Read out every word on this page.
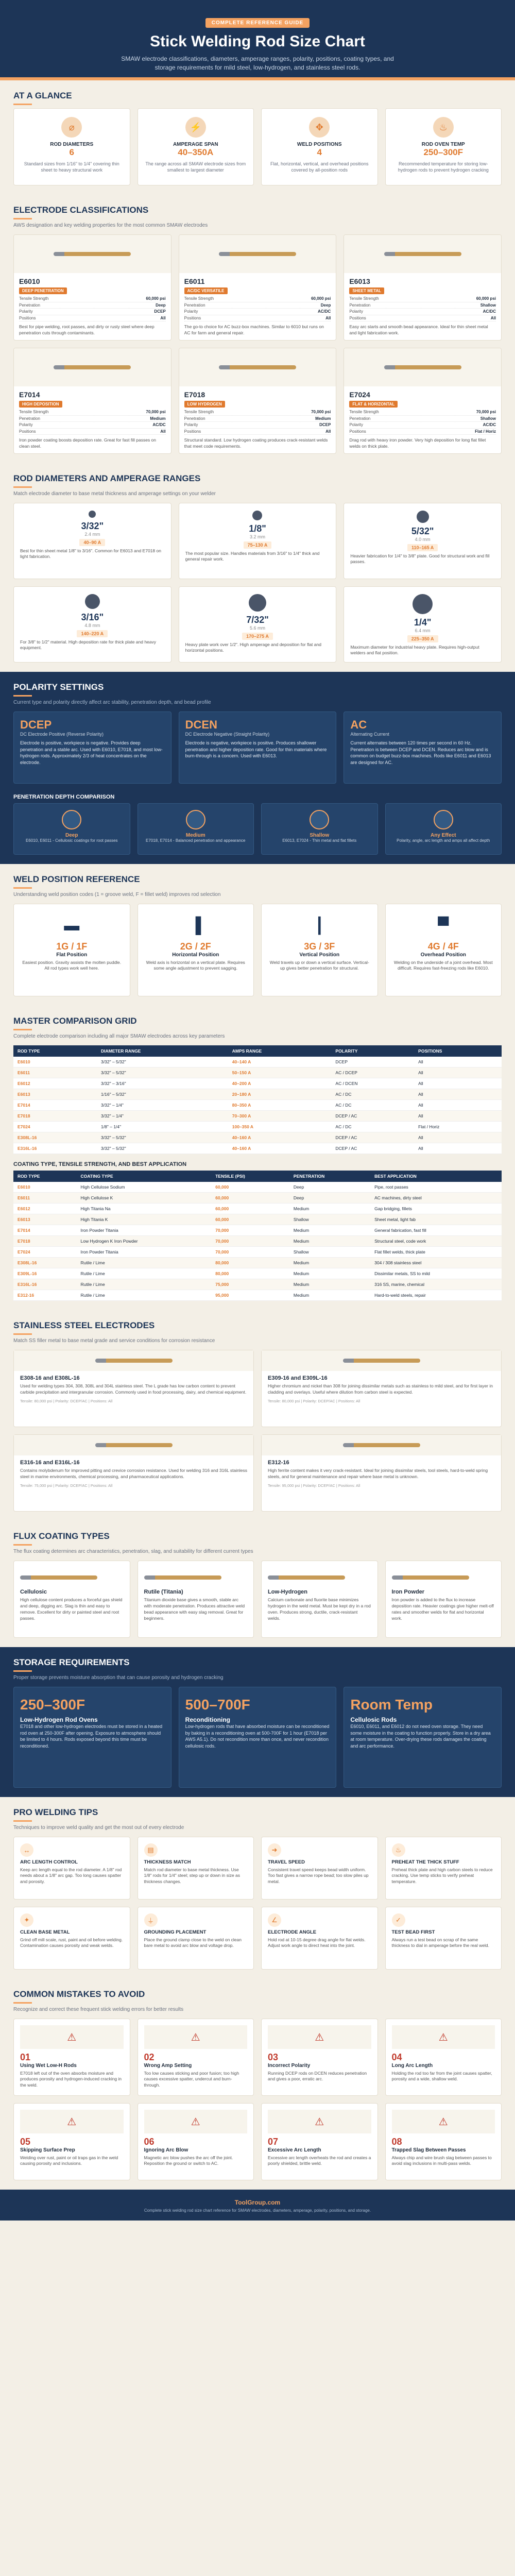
COMPLETE REFERENCE GUIDE
Stick Welding Rod Size Chart

SMAW electrode classifications, diameters, amperage ranges, polarity, positions, coating types, and storage requirements for mild steel, low-hydrogen, and stainless steel rods.

AT A GLANCE
⌀
ROD DIAMETERS
6
Standard sizes from 1/16" to 1/4" covering thin sheet to heavy structural work
⚡
AMPERAGE SPAN
40–350A
The range across all SMAW electrode sizes from smallest to largest diameter
✥
WELD POSITIONS
4
Flat, horizontal, vertical, and overhead positions covered by all-position rods
♨
ROD OVEN TEMP
250–300F
Recommended temperature for storing low-hydrogen rods to prevent hydrogen cracking
ELECTRODE CLASSIFICATIONS
AWS designation and key welding properties for the most common SMAW electrodes
E6010
DEEP PENETRATION
Tensile Strength	60,000 psi
Penetration	Deep
Polarity	DCEP
Positions	All
Best for pipe welding, root passes, and dirty or rusty steel where deep penetration cuts through contaminants.
E6011
AC/DC VERSATILE
Tensile Strength	60,000 psi
Penetration	Deep
Polarity	AC/DC
Positions	All
The go-to choice for AC buzz-box machines. Similar to 6010 but runs on AC for farm and general repair.
E6013
SHEET METAL
Tensile Strength	60,000 psi
Penetration	Shallow
Polarity	AC/DC
Positions	All
Easy arc starts and smooth bead appearance. Ideal for thin sheet metal and light fabrication work.
E7014
HIGH DEPOSITION
Tensile Strength	70,000 psi
Penetration	Medium
Polarity	AC/DC
Positions	All
Iron powder coating boosts deposition rate. Great for fast fill passes on clean steel.
E7018
LOW HYDROGEN
Tensile Strength	70,000 psi
Penetration	Medium
Polarity	DCEP
Positions	All
Structural standard. Low hydrogen coating produces crack-resistant welds that meet code requirements.
E7024
FLAT & HORIZONTAL
Tensile Strength	70,000 psi
Penetration	Shallow
Polarity	AC/DC
Positions	Flat / Horiz
Drag rod with heavy iron powder. Very high deposition for long flat fillet welds on thick plate.
ROD DIAMETERS AND AMPERAGE RANGES
Match electrode diameter to base metal thickness and amperage settings on your welder
3/32"
2.4 mm
40–90 A
Best for thin sheet metal 1/8" to 3/16". Common for E6013 and E7018 on light fabrication.
1/8"
3.2 mm
75–130 A
The most popular size. Handles materials from 3/16" to 1/4" thick and general repair work.
5/32"
4.0 mm
110–165 A
Heavier fabrication for 1/4" to 3/8" plate. Good for structural work and fill passes.
3/16"
4.8 mm
140–220 A
For 3/8" to 1/2" material. High deposition rate for thick plate and heavy equipment.
7/32"
5.6 mm
170–275 A
Heavy plate work over 1/2". High amperage and deposition for flat and horizontal positions.
1/4"
6.4 mm
225–350 A
Maximum diameter for industrial heavy plate. Requires high-output welders and flat position.
POLARITY SETTINGS
Current type and polarity directly affect arc stability, penetration depth, and bead profile
DCEP
DC Electrode Positive (Reverse Polarity)
Electrode is positive, workpiece is negative. Provides deep penetration and a stable arc. Used with E6010, E7018, and most low-hydrogen rods. Approximately 2/3 of heat concentrates on the electrode.
DCEN
DC Electrode Negative (Straight Polarity)
Electrode is negative, workpiece is positive. Produces shallower penetration and higher deposition rate. Good for thin materials where burn-through is a concern. Used with E6013.
AC
Alternating Current
Current alternates between 120 times per second in 60 Hz. Penetration is between DCEP and DCEN. Reduces arc blow and is common on budget buzz-box machines. Rods like E6011 and E6013 are designed for AC.
PENETRATION DEPTH COMPARISON
Deep
E6010, E6011 - Cellulosic coatings for root passes
Medium
E7018, E7014 - Balanced penetration and appearance
Shallow
E6013, E7024 - Thin metal and flat fillets
Any Effect
Polarity, angle, arc length and amps all affect depth
WELD POSITION REFERENCE
Understanding weld position codes (1 = groove weld, F = fillet weld) improves rod selection
▬
1G / 1F
Flat Position
Easiest position. Gravity assists the molten puddle. All rod types work well here.
▐
2G / 2F
Horizontal Position
Weld axis is horizontal on a vertical plate. Requires some angle adjustment to prevent sagging.
┃
3G / 3F
Vertical Position
Weld travels up or down a vertical surface. Vertical-up gives better penetration for structural.
▀
4G / 4F
Overhead Position
Welding on the underside of a joint overhead. Most difficult. Requires fast-freezing rods like E6010.
MASTER COMPARISON GRID
Complete electrode comparison including all major SMAW electrodes across key parameters
ROD TYPE	DIAMETER RANGE	AMPS RANGE	POLARITY	POSITIONS
E6010	3/32" – 5/32"	40–140 A	DCEP	All
E6011	3/32" – 5/32"	50–150 A	AC / DCEP	All
E6012	3/32" – 3/16"	40–200 A	AC / DCEN	All
E6013	1/16" – 5/32"	20–180 A	AC / DC	All
E7014	3/32" – 1/4"	80–350 A	AC / DC	All
E7018	3/32" – 1/4"	70–300 A	DCEP / AC	All
E7024	1/8" – 1/4"	100–350 A	AC / DC	Flat / Horiz
E308L-16	3/32" – 5/32"	40–160 A	DCEP / AC	All
E316L-16	3/32" – 5/32"	40–160 A	DCEP / AC	All
COATING TYPE, TENSILE STRENGTH, AND BEST APPLICATION
ROD TYPE	COATING TYPE	TENSILE (PSI)	PENETRATION	BEST APPLICATION
E6010	High Cellulose Sodium	60,000	Deep	Pipe, root passes
E6011	High Cellulose K	60,000	Deep	AC machines, dirty steel
E6012	High Titania Na	60,000	Medium	Gap bridging, fillets
E6013	High Titania K	60,000	Shallow	Sheet metal, light fab
E7014	Iron Powder Titania	70,000	Medium	General fabrication, fast fill
E7018	Low Hydrogen K Iron Powder	70,000	Medium	Structural steel, code work
E7024	Iron Powder Titania	70,000	Shallow	Flat fillet welds, thick plate
E308L-16	Rutile / Lime	80,000	Medium	304 / 308 stainless steel
E309L-16	Rutile / Lime	80,000	Medium	Dissimilar metals, SS to mild
E316L-16	Rutile / Lime	75,000	Medium	316 SS, marine, chemical
E312-16	Rutile / Lime	95,000	Medium	Hard-to-weld steels, repair
STAINLESS STEEL ELECTRODES
Match SS filler metal to base metal grade and service conditions for corrosion resistance
E308-16 and E308L-16
Used for welding types 304, 308, 308L and 304L stainless steel. The L grade has low carbon content to prevent carbide precipitation and intergranular corrosion. Commonly used in food processing, dairy, and chemical equipment.
Tensile: 80,000 psi | Polarity: DCEP/AC | Positions: All
E309-16 and E309L-16
Higher chromium and nickel than 308 for joining dissimilar metals such as stainless to mild steel, and for first layer in cladding and overlays. Useful where dilution from carbon steel is expected.
Tensile: 80,000 psi | Polarity: DCEP/AC | Positions: All
E316-16 and E316L-16
Contains molybdenum for improved pitting and crevice corrosion resistance. Used for welding 316 and 316L stainless steel in marine environments, chemical processing, and pharmaceutical applications.
Tensile: 75,000 psi | Polarity: DCEP/AC | Positions: All
E312-16
High ferrite content makes it very crack-resistant. Ideal for joining dissimilar steels, tool steels, hard-to-weld spring steels, and for general maintenance and repair where base metal is unknown.
Tensile: 95,000 psi | Polarity: DCEP/AC | Positions: All
FLUX COATING TYPES
The flux coating determines arc characteristics, penetration, slag, and suitability for different current types
Cellulosic
High cellulose content produces a forceful gas shield and deep, digging arc. Slag is thin and easy to remove. Excellent for dirty or painted steel and root passes.
Rutile (Titania)
Titanium dioxide base gives a smooth, stable arc with moderate penetration. Produces attractive weld bead appearance with easy slag removal. Great for beginners.
Low-Hydrogen
Calcium carbonate and fluorite base minimizes hydrogen in the weld metal. Must be kept dry in a rod oven. Produces strong, ductile, crack-resistant welds.
Iron Powder
Iron powder is added to the flux to increase deposition rate. Heavier coatings give higher melt-off rates and smoother welds for flat and horizontal work.
STORAGE REQUIREMENTS
Proper storage prevents moisture absorption that can cause porosity and hydrogen cracking
250–300F
Low-Hydrogen Rod Ovens
E7018 and other low-hydrogen electrodes must be stored in a heated rod oven at 250-300F after opening. Exposure to atmosphere should be limited to 4 hours. Rods exposed beyond this time must be reconditioned.
500–700F
Reconditioning
Low-hydrogen rods that have absorbed moisture can be reconditioned by baking in a reconditioning oven at 500-700F for 1 hour (E7018 per AWS A5.1). Do not recondition more than once, and never recondition cellulosic rods.
Room Temp
Cellulosic Rods
E6010, E6011, and E6012 do not need oven storage. They need some moisture in the coating to function properly. Store in a dry area at room temperature. Over-drying these rods damages the coating and arc performance.
PRO WELDING TIPS
Techniques to improve weld quality and get the most out of every electrode
↔
ARC LENGTH CONTROL
Keep arc length equal to the rod diameter. A 1/8" rod needs about a 1/8" arc gap. Too long causes spatter and porosity.
▤
THICKNESS MATCH
Match rod diameter to base metal thickness. Use 1/8" rods for 1/4" steel; step up or down in size as thickness changes.
➜
TRAVEL SPEED
Consistent travel speed keeps bead width uniform. Too fast gives a narrow rope bead; too slow piles up metal.
♨
PREHEAT THE THICK STUFF
Preheat thick plate and high carbon steels to reduce cracking. Use temp sticks to verify preheat temperature.
✦
CLEAN BASE METAL
Grind off mill scale, rust, paint and oil before welding. Contamination causes porosity and weak welds.
⏚
GROUNDING PLACEMENT
Place the ground clamp close to the weld on clean bare metal to avoid arc blow and voltage drop.
∠
ELECTRODE ANGLE
Hold rod at 10-15 degree drag angle for flat welds. Adjust work angle to direct heat into the joint.
✓
TEST BEAD FIRST
Always run a test bead on scrap of the same thickness to dial in amperage before the real weld.
COMMON MISTAKES TO AVOID
Recognize and correct these frequent stick welding errors for better results
⚠
01
Using Wet Low-H Rods
E7018 left out of the oven absorbs moisture and produces porosity and hydrogen-induced cracking in the weld.
⚠
02
Wrong Amp Setting
Too low causes sticking and poor fusion; too high causes excessive spatter, undercut and burn-through.
⚠
03
Incorrect Polarity
Running DCEP rods on DCEN reduces penetration and gives a poor, erratic arc.
⚠
04
Long Arc Length
Holding the rod too far from the joint causes spatter, porosity and a wide, shallow weld.
⚠
05
Skipping Surface Prep
Welding over rust, paint or oil traps gas in the weld causing porosity and inclusions.
⚠
06
Ignoring Arc Blow
Magnetic arc blow pushes the arc off the joint. Reposition the ground or switch to AC.
⚠
07
Excessive Arc Length
Excessive arc length overheats the rod and creates a poorly shielded, brittle weld.
⚠
08
Trapped Slag Between Passes
Always chip and wire brush slag between passes to avoid slag inclusions in multi-pass welds.
ToolGroup.com
Complete stick welding rod size chart reference for SMAW electrodes, diameters, amperage, polarity, positions, and storage.
